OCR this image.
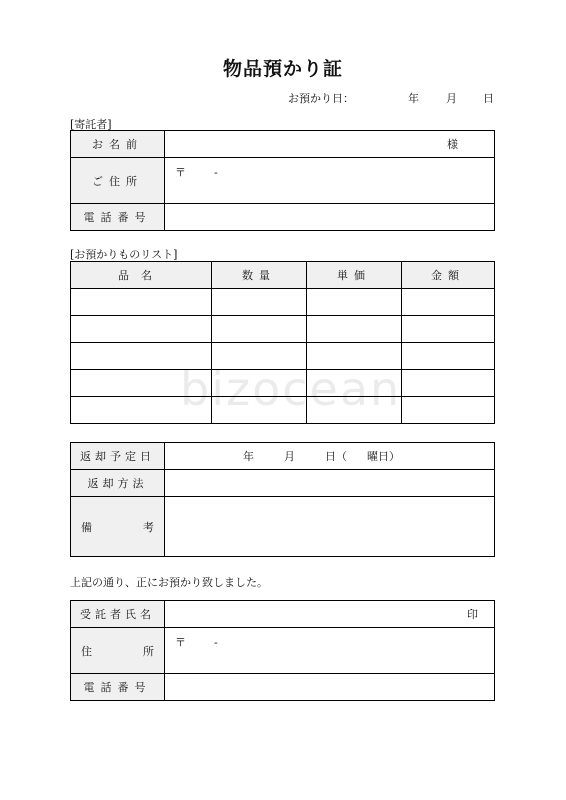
bizocean
物品預かり証
お預かり日：	年 月 日
[寄託者]
お名前	様
ご住所	〒 -
電話番号	
[お預かりものリスト]
品名	数量	単価	金額

返却予定日	年 月 日（ 曜日）
返却方法	

備 考	

上記の通り、正にお預かり致しました。
受託者氏名	印

住 所	〒 -
電話番号	
